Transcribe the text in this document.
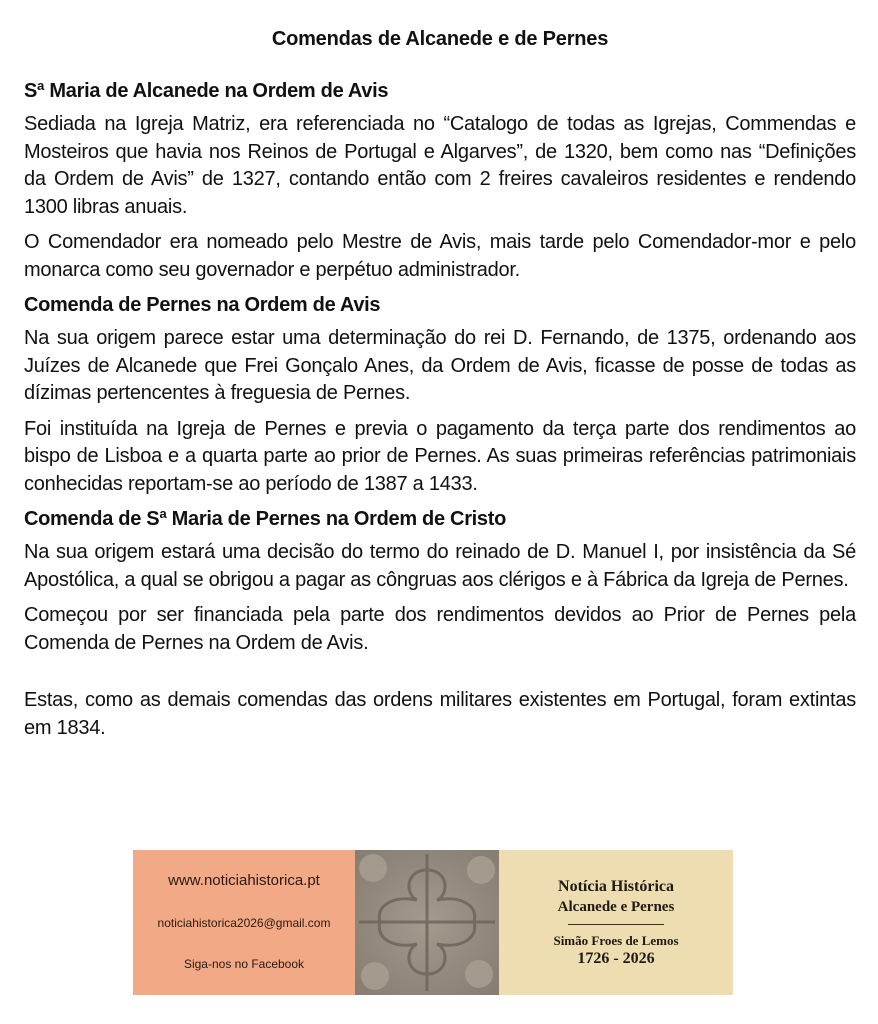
Comendas de Alcanede e de Pernes
Sª Maria de Alcanede na Ordem de Avis

Sediada na Igreja Matriz, era referenciada no “Catalogo de todas as Igrejas, Commendas e Mosteiros que havia nos Reinos de Portugal e Algarves”, de 1320, bem como nas “Definições da Ordem de Avis” de 1327, contando então com 2 freires cavaleiros residentes e rendendo 1300 libras anuais.

O Comendador era nomeado pelo Mestre de Avis, mais tarde pelo Comendador-mor e pelo monarca como seu governador e perpétuo administrador.

Comenda de Pernes na Ordem de Avis

Na sua origem parece estar uma determinação do rei D. Fernando, de 1375, ordenando aos Juízes de Alcanede que Frei Gonçalo Anes, da Ordem de Avis, ficasse de posse de todas as dízimas pertencentes à freguesia de Pernes.

Foi instituída na Igreja de Pernes e previa o pagamento da terça parte dos rendimentos ao bispo de Lisboa e a quarta parte ao prior de Pernes. As suas primeiras referências patrimoniais conhecidas reportam-se ao período de 1387 a 1433.

Comenda de Sª Maria de Pernes na Ordem de Cristo

Na sua origem estará uma decisão do termo do reinado de D. Manuel I, por insistência da Sé Apostólica, a qual se obrigou a pagar as côngruas aos clérigos e à Fábrica da Igreja de Pernes.

Começou por ser financiada pela parte dos rendimentos devidos ao Prior de Pernes pela Comenda de Pernes na Ordem de Avis.

Estas, como as demais comendas das ordens militares existentes em Portugal, foram extintas em 1834.

www.noticiahistorica.pt
noticiahistorica2026@gmail.com
Siga-nos no Facebook
Notícia Histórica
Alcanede e Pernes
Simão Froes de Lemos
1726 - 2026
